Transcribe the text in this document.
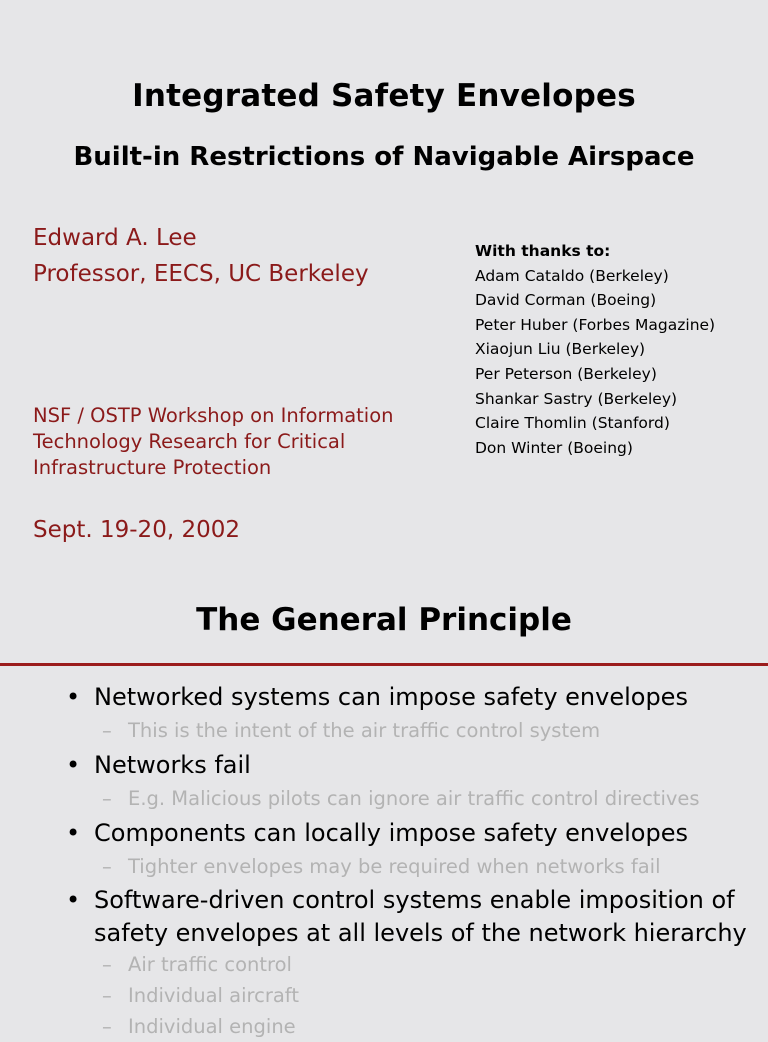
Integrated Safety Envelopes
Built-in Restrictions of Navigable Airspace
Edward A. Lee
Professor, EECS, UC Berkeley
NSF / OSTP Workshop on Information
Technology Research for Critical
Infrastructure Protection
Sept. 19-20, 2002
With thanks to:
Adam Cataldo (Berkeley)
David Corman (Boeing)
Peter Huber (Forbes Magazine)
Xiaojun Liu (Berkeley)
Per Peterson (Berkeley)
Shankar Sastry (Berkeley)
Claire Thomlin (Stanford)
Don Winter (Boeing)
The General Principle
• Networked systems can impose safety envelopes
– This is the intent of the air traffic control system
• Networks fail
– E.g. Malicious pilots can ignore air traffic control directives
• Components can locally impose safety envelopes
– Tighter envelopes may be required when networks fail
• Software-driven control systems enable imposition of safety envelopes at all levels of the network hierarchy
– Air traffic control
– Individual aircraft
– Individual engine
